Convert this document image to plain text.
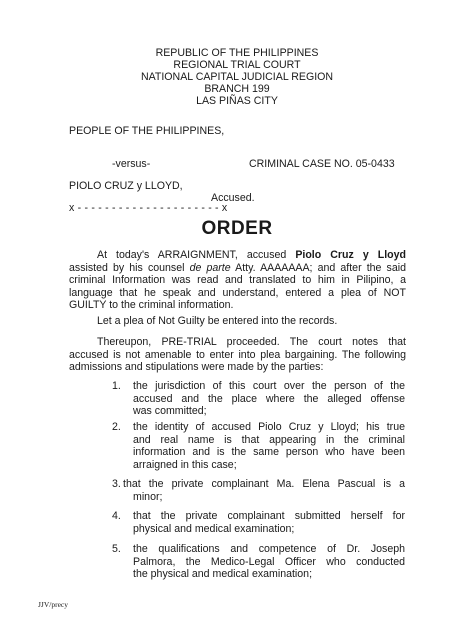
REPUBLIC OF THE PHILIPPINES
REGIONAL TRIAL COURT
NATIONAL CAPITAL JUDICIAL REGION
BRANCH 199
LAS PIÑAS CITY
PEOPLE OF THE PHILIPPINES,
-versus-	CRIMINAL CASE NO. 05-0433
PIOLO CRUZ y LLOYD,
Accused.
x - - - - - - - - - - - - - - - - - - - - - x
ORDER
At today's ARRAIGNMENT, accused Piolo Cruz y Lloyd
assisted by his counsel de parte Atty. AAAAAAA; and after the said
criminal Information was read and translated to him in Pilipino, a
language that he speak and understand, entered a plea of NOT
GUILTY to the criminal information.
Let a plea of Not Guilty be entered into the records.
Thereupon, PRE-TRIAL proceeded. The court notes that
accused is not amenable to enter into plea bargaining. The following
admissions and stipulations were made by the parties:
1. the jurisdiction of this court over the person of the
accused and the place where the alleged offense
was committed;
2. the identity of accused Piolo Cruz y Lloyd; his true
and real name is that appearing in the criminal
information and is the same person who have been
arraigned in this case;
3. that the private complainant Ma. Elena Pascual is a
minor;
4. that the private complainant submitted herself for
physical and medical examination;
5. the qualifications and competence of Dr. Joseph
Palmora, the Medico-Legal Officer who conducted
the physical and medical examination;
JJV/precy
